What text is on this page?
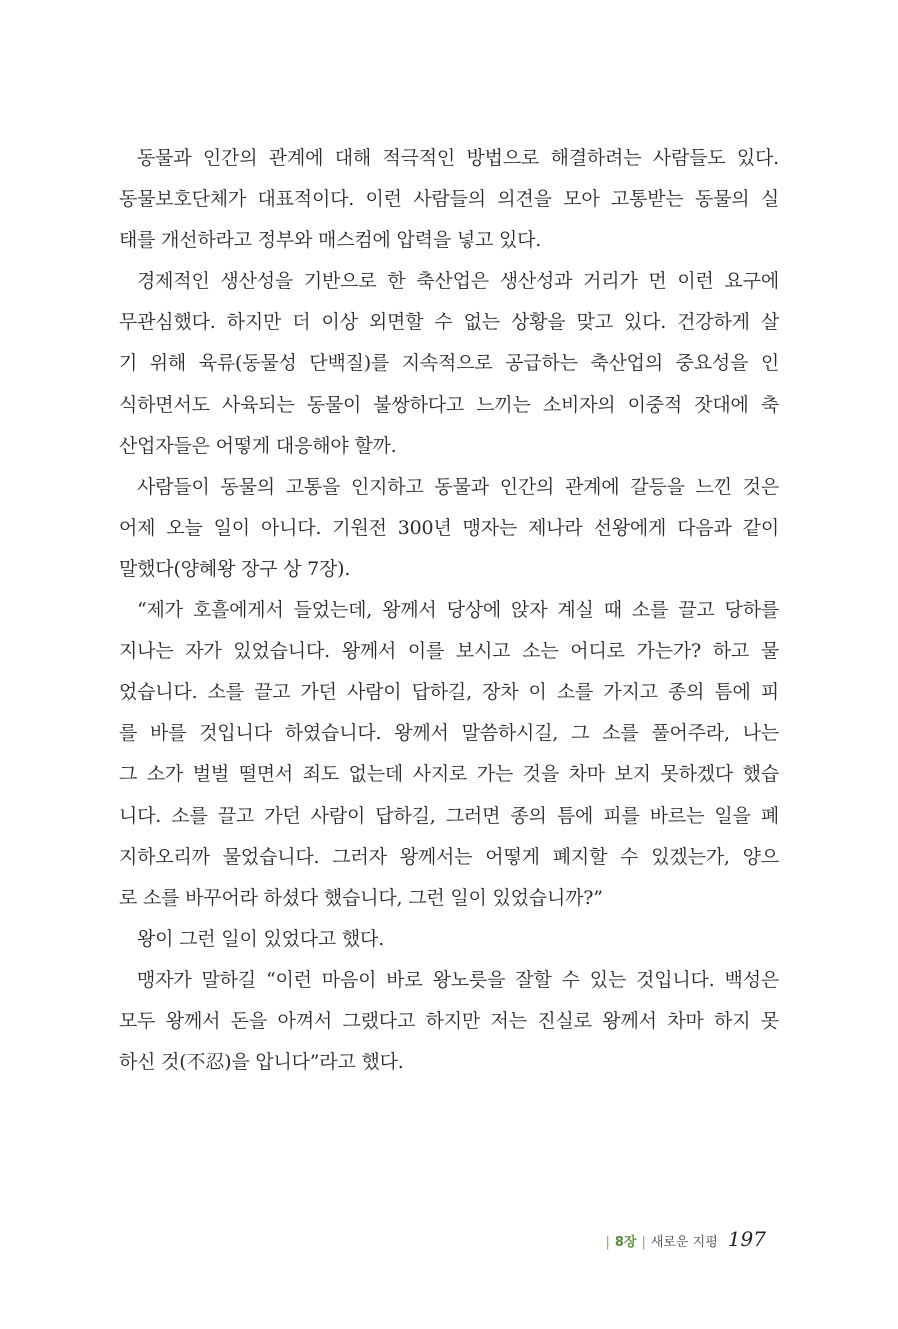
동물과 인간의 관계에 대해 적극적인 방법으로 해결하려는 사람들도 있다.
동물보호단체가 대표적이다. 이런 사람들의 의견을 모아 고통받는 동물의 실
태를 개선하라고 정부와 매스컴에 압력을 넣고 있다.
경제적인 생산성을 기반으로 한 축산업은 생산성과 거리가 먼 이런 요구에
무관심했다. 하지만 더 이상 외면할 수 없는 상황을 맞고 있다. 건강하게 살
기 위해 육류(동물성 단백질)를 지속적으로 공급하는 축산업의 중요성을 인
식하면서도 사육되는 동물이 불쌍하다고 느끼는 소비자의 이중적 잣대에 축
산업자들은 어떻게 대응해야 할까.
사람들이 동물의 고통을 인지하고 동물과 인간의 관계에 갈등을 느낀 것은
어제 오늘 일이 아니다. 기원전 300년 맹자는 제나라 선왕에게 다음과 같이
말했다(양혜왕 장구 상 7장).
“제가 호흘에게서 들었는데, 왕께서 당상에 앉자 계실 때 소를 끌고 당하를
지나는 자가 있었습니다. 왕께서 이를 보시고 소는 어디로 가는가? 하고 물
었습니다. 소를 끌고 가던 사람이 답하길, 장차 이 소를 가지고 종의 틈에 피
를 바를 것입니다 하였습니다. 왕께서 말씀하시길, 그 소를 풀어주라, 나는
그 소가 벌벌 떨면서 죄도 없는데 사지로 가는 것을 차마 보지 못하겠다 했습
니다. 소를 끌고 가던 사람이 답하길, 그러면 종의 틈에 피를 바르는 일을 폐
지하오리까 물었습니다. 그러자 왕께서는 어떻게 폐지할 수 있겠는가, 양으
로 소를 바꾸어라 하셨다 했습니다, 그런 일이 있었습니까?”
왕이 그런 일이 있었다고 했다.
맹자가 말하길 “이런 마음이 바로 왕노릇을 잘할 수 있는 것입니다. 백성은
모두 왕께서 돈을 아껴서 그랬다고 하지만 저는 진실로 왕께서 차마 하지 못
하신 것(不忍)을 압니다”라고 했다.
| 8장 | 새로운 지평 197
